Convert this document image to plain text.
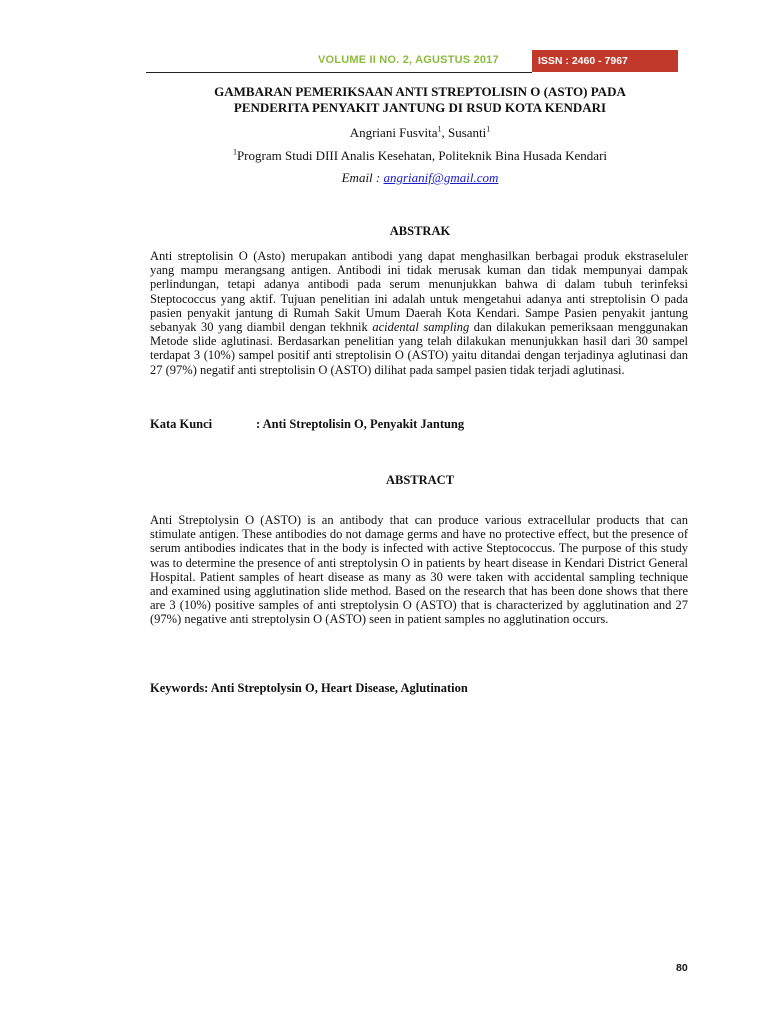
VOLUME II NO. 2, AGUSTUS 2017	ISSN : 2460 - 7967
GAMBARAN PEMERIKSAAN ANTI STREPTOLISIN O (ASTO) PADA
PENDERITA PENYAKIT JANTUNG DI RSUD KOTA KENDARI
Angriani Fusvita$^1$, Susanti$^1$
$^1$Program Studi DIII Analis Kesehatan, Politeknik Bina Husada Kendari
Email : angrianif@gmail.com
ABSTRAK
Anti streptolisin O (Asto) merupakan antibodi yang dapat menghasilkan berbagai produk ekstraseluler yang mampu merangsang antigen. Antibodi ini tidak merusak kuman dan tidak mempunyai dampak perlindungan, tetapi adanya antibodi pada serum menunjukkan bahwa di dalam tubuh terinfeksi Steptococcus yang aktif. Tujuan penelitian ini adalah untuk mengetahui adanya anti streptolisin O pada pasien penyakit jantung di Rumah Sakit Umum Daerah Kota Kendari. Sampe Pasien penyakit jantung sebanyak 30 yang diambil dengan tekhnik acidental sampling dan dilakukan pemeriksaan menggunakan Metode slide aglutinasi. Berdasarkan penelitian yang telah dilakukan menunjukkan hasil dari 30 sampel terdapat 3 (10%) sampel positif anti streptolisin O (ASTO) yaitu ditandai dengan terjadinya aglutinasi dan 27 (97%) negatif anti streptolisin O (ASTO) dilihat pada sampel pasien tidak terjadi aglutinasi.
Kata Kunci	: Anti Streptolisin O, Penyakit Jantung
ABSTRACT
Anti Streptolysin O (ASTO) is an antibody that can produce various extracellular products that can stimulate antigen. These antibodies do not damage germs and have no protective effect, but the presence of serum antibodies indicates that in the body is infected with active Steptococcus. The purpose of this study was to determine the presence of anti streptolysin O in patients by heart disease in Kendari District General Hospital. Patient samples of heart disease as many as 30 were taken with accidental sampling technique and examined using agglutination slide method. Based on the research that has been done shows that there are 3 (10%) positive samples of anti streptolysin O (ASTO) that is characterized by agglutination and 27 (97%) negative anti streptolysin O (ASTO) seen in patient samples no agglutination occurs.
Keywords: Anti Streptolysin O, Heart Disease, Aglutination
80
